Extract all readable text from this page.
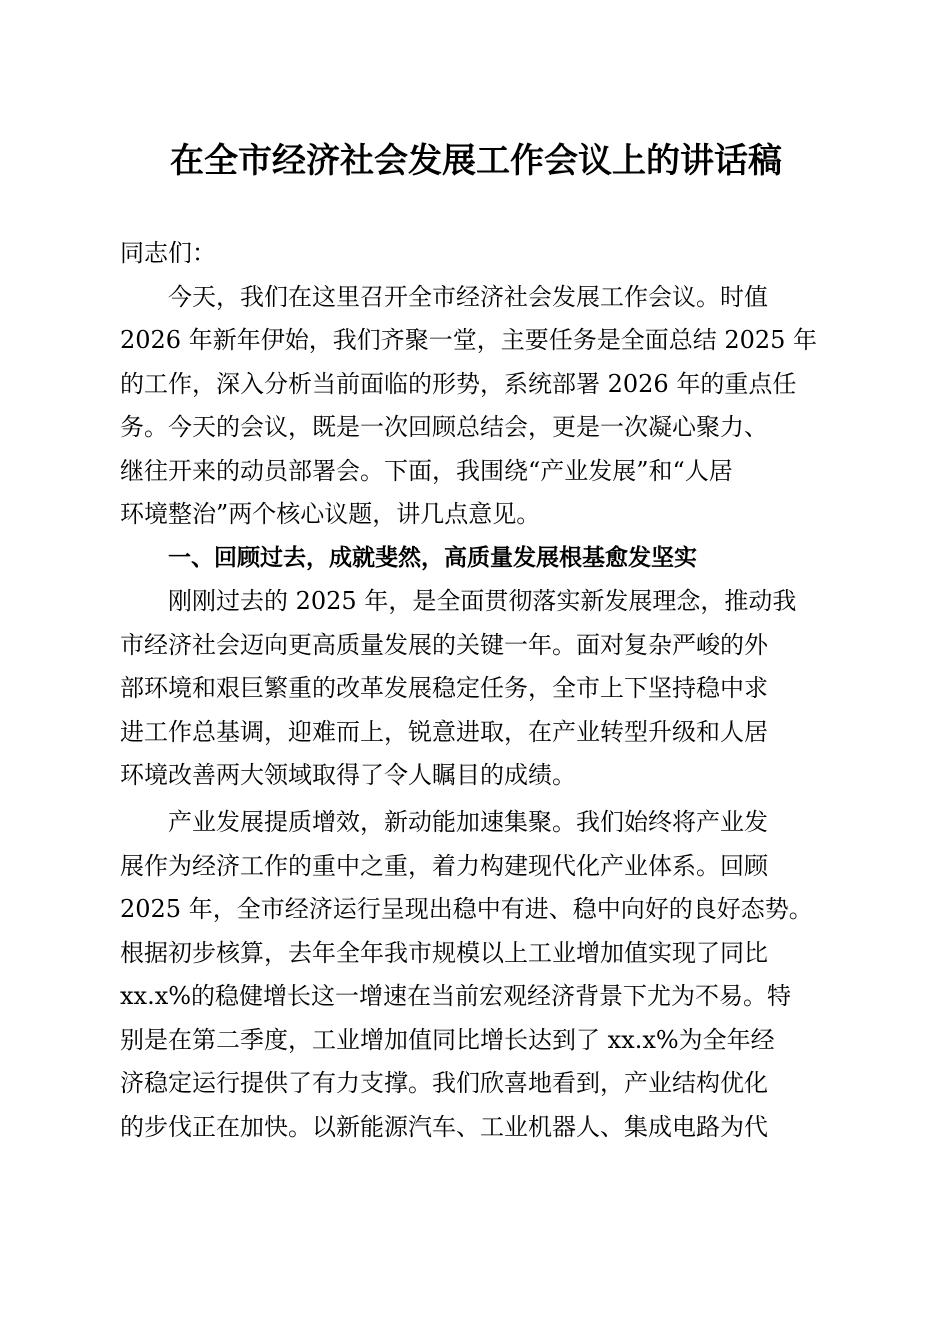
在全市经济社会发展工作会议上的讲话稿
同志们：
今天，我们在这里召开全市经济社会发展工作会议。时值
2026 年新年伊始，我们齐聚一堂，主要任务是全面总结 2025 年
的工作，深入分析当前面临的形势，系统部署 2026 年的重点任
务。今天的会议，既是一次回顾总结会，更是一次凝心聚力、
继往开来的动员部署会。下面，我围绕“产业发展”和“人居
环境整治”两个核心议题，讲几点意见。
一、回顾过去，成就斐然，高质量发展根基愈发坚实
刚刚过去的 2025 年，是全面贯彻落实新发展理念，推动我
市经济社会迈向更高质量发展的关键一年。面对复杂严峻的外
部环境和艰巨繁重的改革发展稳定任务，全市上下坚持稳中求
进工作总基调，迎难而上，锐意进取，在产业转型升级和人居
环境改善两大领域取得了令人瞩目的成绩。
产业发展提质增效，新动能加速集聚。我们始终将产业发
展作为经济工作的重中之重，着力构建现代化产业体系。回顾
2025 年，全市经济运行呈现出稳中有进、稳中向好的良好态势。
根据初步核算，去年全年我市规模以上工业增加值实现了同比
xx.x%的稳健增长这一增速在当前宏观经济背景下尤为不易。特
别是在第二季度，工业增加值同比增长达到了 xx.x%为全年经
济稳定运行提供了有力支撑。我们欣喜地看到，产业结构优化
的步伐正在加快。以新能源汽车、工业机器人、集成电路为代
